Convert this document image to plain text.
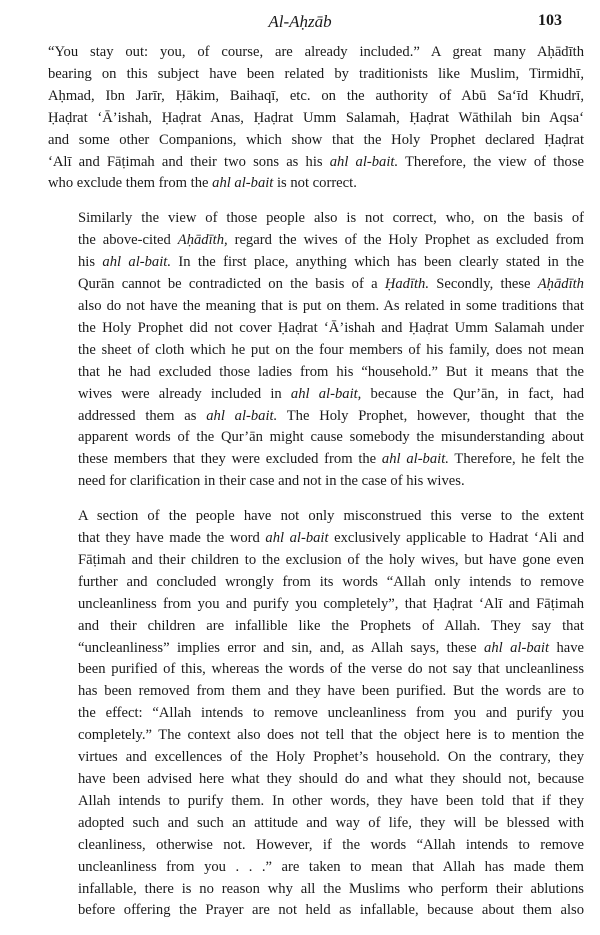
Al-Aḥzāb	103
“You stay out: you, of course, are already included.” A great many Aḥādīth
bearing on this subject have been related by traditionists like Muslim, Tirmidhī,
Aḥmad, Ibn Jarīr, Ḥākim, Baihaqī, etc. on the authority of Abū Sa‘īd Khudrī,
Ḥaḍrat ‘Ā’ishah, Ḥaḍrat Anas, Ḥaḍrat Umm Salamah, Ḥaḍrat Wāthilah bin Aqsa‘
and some other Companions, which show that the Holy Prophet declared Ḥaḍrat
‘Alī and Fāṭimah and their two sons as his ahl al-bait. Therefore, the view of those
who exclude them from the ahl al-bait is not correct.
Similarly the view of those people also is not correct, who, on the basis of
the above-cited Aḥādīth, regard the wives of the Holy Prophet as excluded from
his ahl al-bait. In the first place, anything which has been clearly stated in the
Qurān cannot be contradicted on the basis of a Ḥadīth. Secondly, these Aḥādīth
also do not have the meaning that is put on them. As related in some traditions that
the Holy Prophet did not cover Ḥaḍrat ‘Ā’ishah and Ḥaḍrat Umm Salamah under
the sheet of cloth which he put on the four members of his family, does not mean
that he had excluded those ladies from his “household.” But it means that the
wives were already included in ahl al-bait, because the Qur’ān, in fact, had
addressed them as ahl al-bait. The Holy Prophet, however, thought that the
apparent words of the Qur’ān might cause somebody the misunderstanding about
these members that they were excluded from the ahl al-bait. Therefore, he felt the
need for clarification in their case and not in the case of his wives.
A section of the people have not only misconstrued this verse to the extent
that they have made the word ahl al-bait exclusively applicable to Hadrat ‘Ali and
Fāṭimah and their children to the exclusion of the holy wives, but have gone even
further and concluded wrongly from its words “Allah only intends to remove
uncleanliness from you and purify you completely”, that Ḥaḍrat ‘Alī and Fāṭimah
and their children are infallible like the Prophets of Allah. They say that
“uncleanliness” implies error and sin, and, as Allah says, these ahl al-bait have
been purified of this, whereas the words of the verse do not say that uncleanliness
has been removed from them and they have been purified. But the words are to
the effect: “Allah intends to remove uncleanliness from you and purify you
completely.” The context also does not tell that the object here is to mention the
virtues and excellences of the Holy Prophet’s household. On the contrary, they
have been advised here what they should do and what they should not, because
Allah intends to purify them. In other words, they have been told that if they
adopted such and such an attitude and way of life, they will be blessed with
cleanliness, otherwise not. However, if the words “Allah intends to remove
uncleanliness from you . . .” are taken to mean that Allah has made them
infallable, there is no reason why all the Muslims who perform their ablutions
before offering the Prayer are not held as infallable, because about them also
